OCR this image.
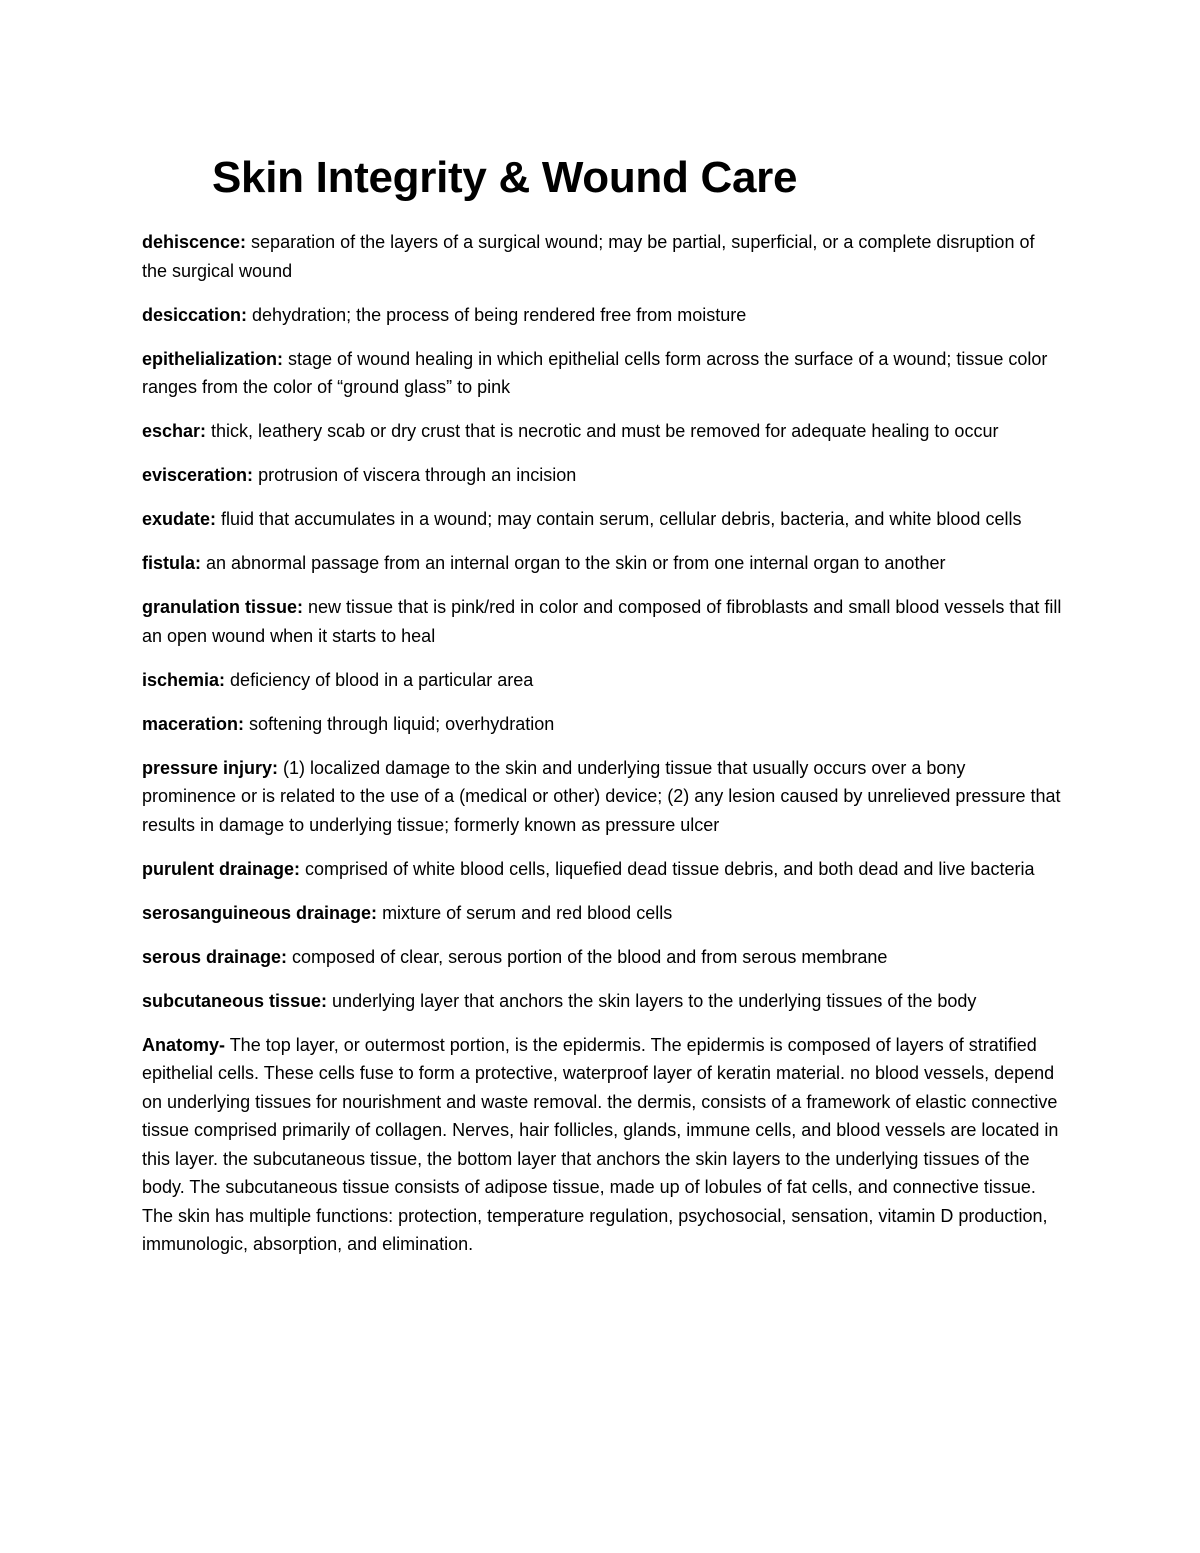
Skin Integrity & Wound Care

dehiscence: separation of the layers of a surgical wound; may be partial, superficial, or a complete disruption of the surgical wound

desiccation: dehydration; the process of being rendered free from moisture

epithelialization: stage of wound healing in which epithelial cells form across the surface of a wound; tissue color ranges from the color of “ground glass” to pink

eschar: thick, leathery scab or dry crust that is necrotic and must be removed for adequate healing to occur

evisceration: protrusion of viscera through an incision

exudate: fluid that accumulates in a wound; may contain serum, cellular debris, bacteria, and white blood cells

fistula: an abnormal passage from an internal organ to the skin or from one internal organ to another

granulation tissue: new tissue that is pink/red in color and composed of fibroblasts and small blood vessels that fill an open wound when it starts to heal

ischemia: deficiency of blood in a particular area

maceration: softening through liquid; overhydration

pressure injury: (1) localized damage to the skin and underlying tissue that usually occurs over a bony prominence or is related to the use of a (medical or other) device; (2) any lesion caused by unrelieved pressure that results in damage to underlying tissue; formerly known as pressure ulcer

purulent drainage: comprised of white blood cells, liquefied dead tissue debris, and both dead and live bacteria

serosanguineous drainage: mixture of serum and red blood cells

serous drainage: composed of clear, serous portion of the blood and from serous membrane

subcutaneous tissue: underlying layer that anchors the skin layers to the underlying tissues of the body

Anatomy- The top layer, or outermost portion, is the epidermis. The epidermis is composed of layers of stratified epithelial cells. These cells fuse to form a protective, waterproof layer of keratin material. no blood vessels, depend on underlying tissues for nourishment and waste removal. the dermis, consists of a framework of elastic connective tissue comprised primarily of collagen. Nerves, hair follicles, glands, immune cells, and blood vessels are located in this layer. the subcutaneous tissue, the bottom layer that anchors the skin layers to the underlying tissues of the body. The subcutaneous tissue consists of adipose tissue, made up of lobules of fat cells, and connective tissue. The skin has multiple functions: protection, temperature regulation, psychosocial, sensation, vitamin D production, immunologic, absorption, and elimination.
